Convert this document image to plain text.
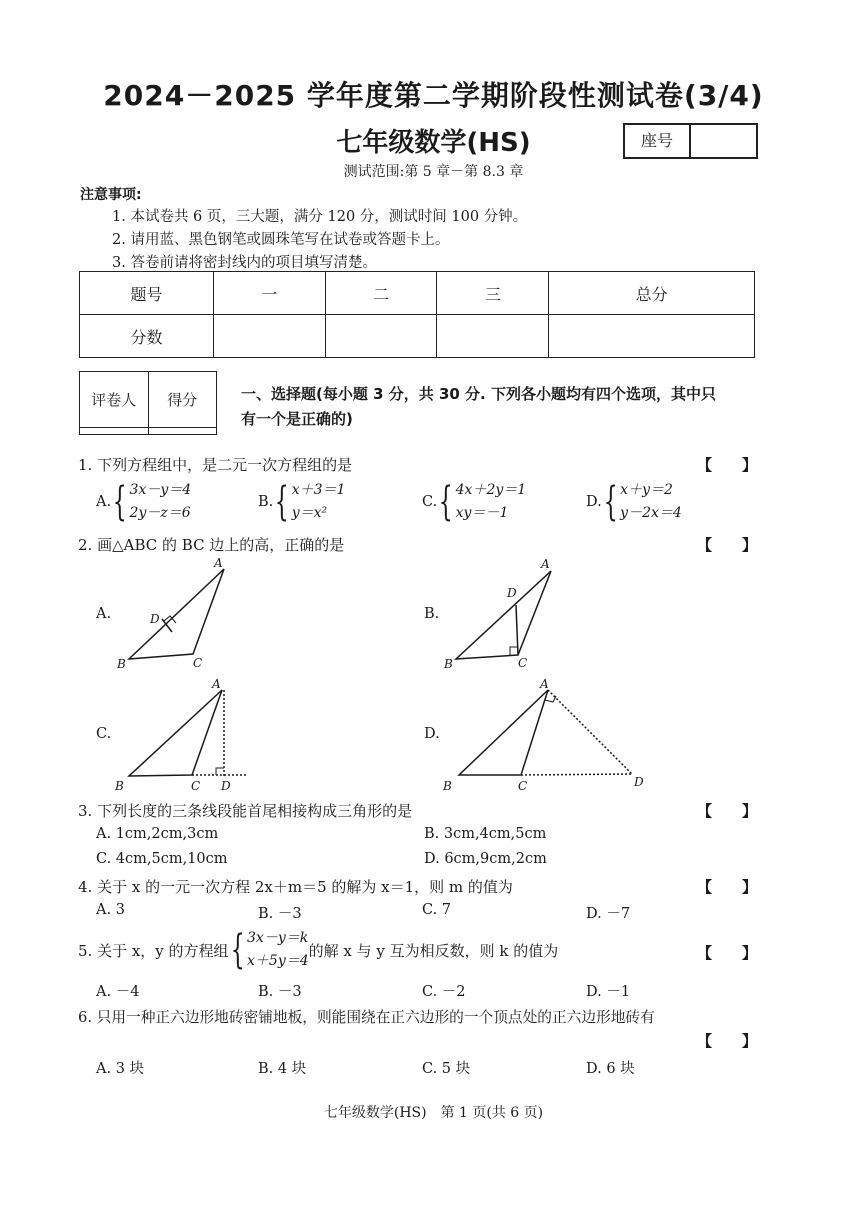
2024－2025 学年度第二学期阶段性测试卷(3/4)
七年级数学(HS)	座号
测试范围:第 5 章－第 8.3 章
注意事项:
1. 本试卷共 6 页，三大题，满分 120 分，测试时间 100 分钟。
2. 请用蓝、黑色钢笔或圆珠笔写在试卷或答题卡上。
3. 答卷前请将密封线内的项目填写清楚。
题号	一	二	三	总分
分数				
评卷人	得分
		一、选择题(每小题 3 分，共 30 分. 下列各小题均有四个选项，其中只
有一个是正确的)
1. 下列方程组中，是二元一次方程组的是	【 】
A. { 3x－y＝4
2y－z＝6
B. { x＋3＝1
y＝x²
C. { 4x＋2y＝1
xy＝－1
D. { x＋y＝2
y－2x＝4
2. 画△ABC 的 BC 边上的高，正确的是	【 】
A.	B.
C.	D.
A
B	C
D
A
B	C
D
A
B	C D
A
B	C	D
3. 下列长度的三条线段能首尾相接构成三角形的是	【 】
A. 1cm,2cm,3cm	B. 3cm,4cm,5cm
C. 4cm,5cm,10cm	D. 6cm,9cm,2cm
4. 关于 x 的一元一次方程 2x＋m＝5 的解为 x＝1，则 m 的值为	【 】
A. 3	B. －3	C. 7	D. －7
5. 关于 x，y 的方程组 { 3x－y＝k
x＋5y＝4
的解 x 与 y 互为相反数，则 k 的值为	【 】
A. －4	B. －3	C. －2	D. －1
6. 只用一种正六边形地砖密铺地板，则能围绕在正六边形的一个顶点处的正六边形地砖有
【 】
A. 3 块	B. 4 块	C. 5 块	D. 6 块
七年级数学(HS)　第 1 页(共 6 页)
